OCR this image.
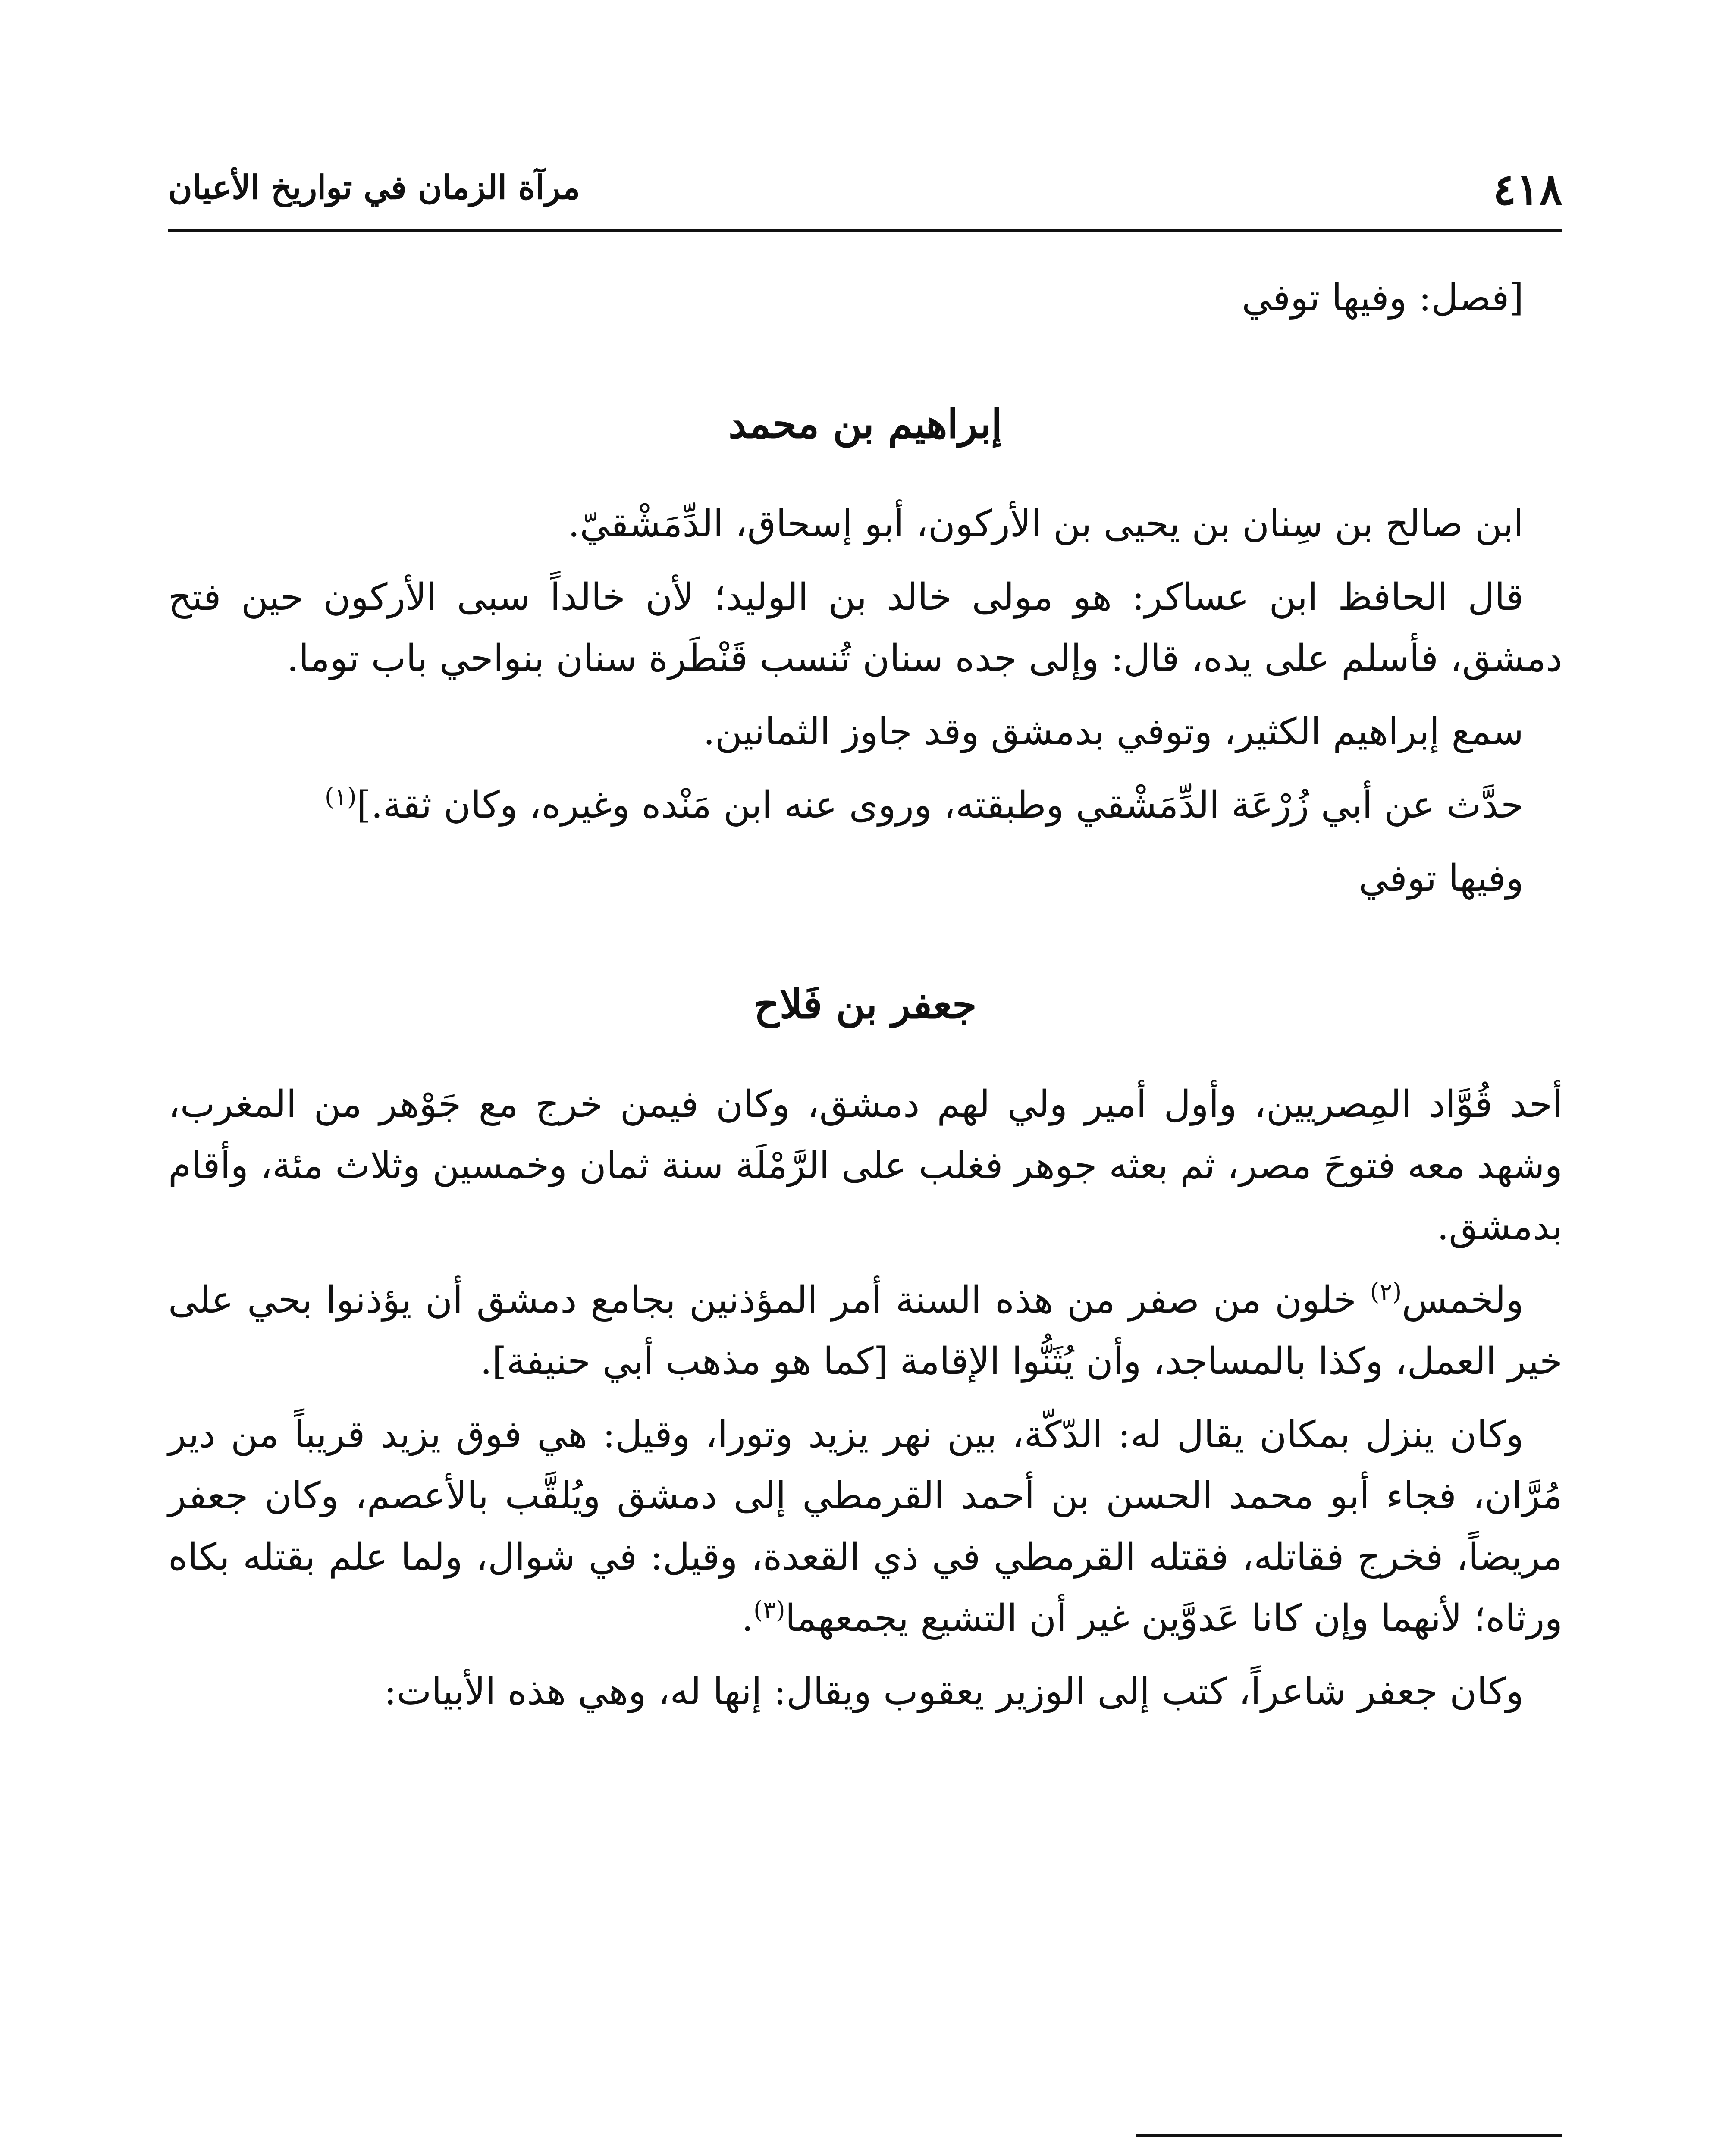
٤١٨
مرآة الزمان في تواريخ الأعيان

[فصل: وفيها توفي

إبراهيم بن محمد

ابن صالح بن سِنان بن يحيى بن الأركون، أبو إسحاق، الدِّمَشْقيّ.

قال الحافظ ابن عساكر: هو مولى خالد بن الوليد؛ لأن خالداً سبى الأركون حين فتح دمشق، فأسلم على يده، قال: وإلى جده سنان تُنسب قَنْطَرة سنان بنواحي باب توما.

سمع إبراهيم الكثير، وتوفي بدمشق وقد جاوز الثمانين.

حدَّث عن أبي زُرْعَة الدِّمَشْقي وطبقته، وروى عنه ابن مَنْده وغيره، وكان ثقة.]$^{(١)}$

وفيها توفي

جعفر بن فَلاح

أحد قُوَّاد المِصريين، وأول أمير ولي لهم دمشق، وكان فيمن خرج مع جَوْهر من المغرب، وشهد معه فتوحَ مصر، ثم بعثه جوهر فغلب على الرَّمْلَة سنة ثمان وخمسين وثلاث مئة، وأقام بدمشق.

ولخمس$^{(٢)}$ خلون من صفر من هذه السنة أمر المؤذنين بجامع دمشق أن يؤذنوا بحي على خير العمل، وكذا بالمساجد، وأن يُثَنُّوا الإقامة [كما هو مذهب أبي حنيفة].

وكان ينزل بمكان يقال له: الدّكّة، بين نهر يزيد وتورا، وقيل: هي فوق يزيد قريباً من دير مُرَّان، فجاء أبو محمد الحسن بن أحمد القرمطي إلى دمشق ويُلقَّب بالأعصم، وكان جعفر مريضاً، فخرج فقاتله، فقتله القرمطي في ذي القعدة، وقيل: في شوال، ولما علم بقتله بكاه ورثاه؛ لأنهما وإن كانا عَدوَّين غير أن التشيع يجمعهما$^{(٣)}$.

وكان جعفر شاعراً، كتب إلى الوزير يعقوب ويقال: إنها له، وهي هذه الأبيات:
